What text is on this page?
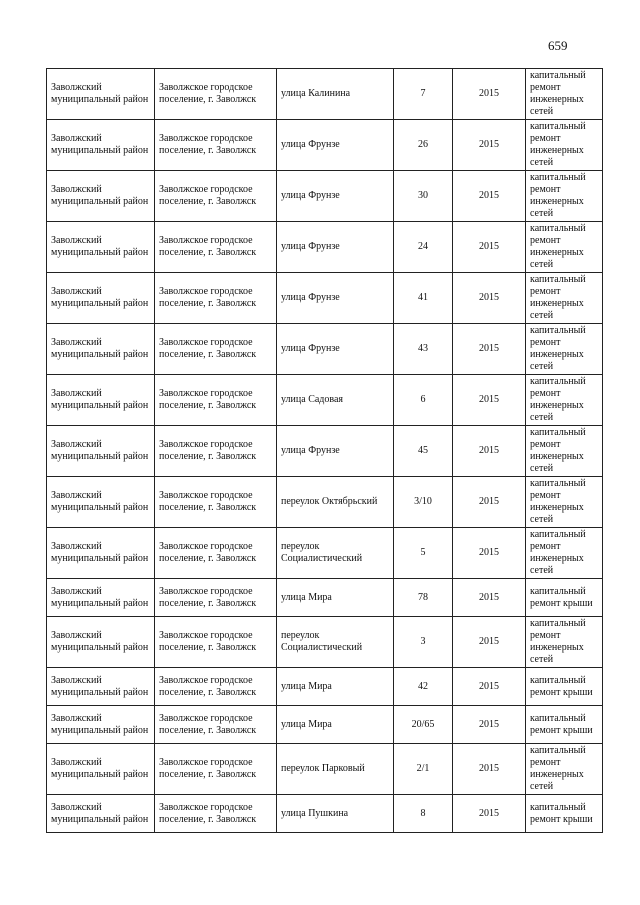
659
Заволжский муниципальный район	Заволжское городское поселение, г. Заволжск	улица Калинина	7	2015	капитальный ремонт инженерных сетей
Заволжский муниципальный район	Заволжское городское поселение, г. Заволжск	улица Фрунзе	26	2015	капитальный ремонт инженерных сетей
Заволжский муниципальный район	Заволжское городское поселение, г. Заволжск	улица Фрунзе	30	2015	капитальный ремонт инженерных сетей
Заволжский муниципальный район	Заволжское городское поселение, г. Заволжск	улица Фрунзе	24	2015	капитальный ремонт инженерных сетей
Заволжский муниципальный район	Заволжское городское поселение, г. Заволжск	улица Фрунзе	41	2015	капитальный ремонт инженерных сетей
Заволжский муниципальный район	Заволжское городское поселение, г. Заволжск	улица Фрунзе	43	2015	капитальный ремонт инженерных сетей
Заволжский муниципальный район	Заволжское городское поселение, г. Заволжск	улица Садовая	6	2015	капитальный ремонт инженерных сетей
Заволжский муниципальный район	Заволжское городское поселение, г. Заволжск	улица Фрунзе	45	2015	капитальный ремонт инженерных сетей
Заволжский муниципальный район	Заволжское городское поселение, г. Заволжск	переулок Октябрьский	3/10	2015	капитальный ремонт инженерных сетей
Заволжский муниципальный район	Заволжское городское поселение, г. Заволжск	переулок Социалистический	5	2015	капитальный ремонт инженерных сетей
Заволжский муниципальный район	Заволжское городское поселение, г. Заволжск	улица Мира	78	2015	капитальный ремонт крыши
Заволжский муниципальный район	Заволжское городское поселение, г. Заволжск	переулок Социалистический	3	2015	капитальный ремонт инженерных сетей
Заволжский муниципальный район	Заволжское городское поселение, г. Заволжск	улица Мира	42	2015	капитальный ремонт крыши
Заволжский муниципальный район	Заволжское городское поселение, г. Заволжск	улица Мира	20/65	2015	капитальный ремонт крыши
Заволжский муниципальный район	Заволжское городское поселение, г. Заволжск	переулок Парковый	2/1	2015	капитальный ремонт инженерных сетей
Заволжский муниципальный район	Заволжское городское поселение, г. Заволжск	улица Пушкина	8	2015	капитальный ремонт крыши
